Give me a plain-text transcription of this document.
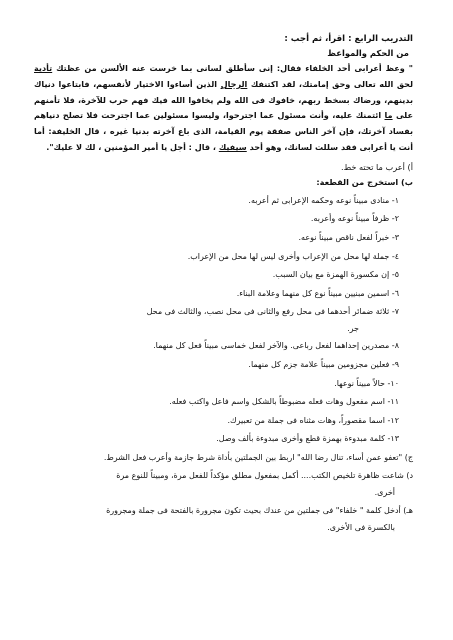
التدريب الرابع : اقرأ، ثم أجب :
من الحكم والمواعظ
" وعظ أعرابى أحد الخلفاء فقال: إنى سأطلق لسانى بما خرست عنه الألسن من عظتك تأدية لحق الله تعالى وحق إمامتك، لقد اكتنفك الرجال الذين أساءوا الاختيار لأنفسهم، فابتاعوا دنياك بدينهم، ورضاك بسخط ربهم، خافوك فى الله ولم يخافوا الله فيك فهم حرب للآخرة، فلا تأمنهم على ما ائتمنك عليه، وأنت مسئول عما اجترحوا، وليسوا مسئولين عما اجترحت فلا تصلح دنياهم بفساد آخرتك، فإن آخر الناس صفقة يوم القيامة، الذى باع آخرته بدنيا غيره ، قال الخليفة: أما أنت يا أعرابى فقد سللت لسانك، وهو أحد سيفيك ، قال : أجل يا أمير المؤمنين ، لك لا عليك".
أ) أعرب ما تحته خط.
ب) استخرج من القطعة:
١- منادى مبيناً نوعه وحكمه الإعرابى ثم أعربه.
٢- ظرفاً مبيناً نوعه وأعربه.
٣- خبراً لفعل ناقص مبيناً نوعه.
٤- جملة لها محل من الإعراب وأخرى ليس لها محل من الإعراب.
٥- إن مكسورة الهمزة مع بيان السبب.
٦- اسمين مبنيين مبيناً نوع كل منهما وعلامة البناء.
٧- ثلاثة ضمائر أحدهما فى محل رفع والثانى فى محل نصب، والثالث فى محل
جر.
٨- مصدرين إحداهما لفعل رباعى. والآخر لفعل خماسى مبيناً فعل كل منهما.
٩- فعلين مجزومين مبيناً علامة جزم كل منهما.
١٠- حالاً مبيناً نوعها.
١١- اسم مفعول وهات فعله مضبوطاً بالشكل واسم فاعل واكتب فعله.
١٢- اسما مقصوراً، وهات مثناه فى جملة من تعبيرك.
١٣- كلمة مبدوءة بهمزة قطع وأخرى مبدوءة بألف وصل.
ج) "تعفو عمن أساء، تنال رضا الله" اربط بين الجملتين بأداة شرط جازمة وأعرب فعل الشرط.
د) شاعت ظاهرة تلخيص الكتب.... أكمل بمفعول مطلق مؤكداً للفعل مرة، ومبيناً للنوع مرة
أخرى.
هـ) أدخل كلمة " خلفاء" فى جملتين من عندك بحيث تكون مجرورة بالفتحة فى جملة ومجرورة
بالكسرة فى الأخرى.
